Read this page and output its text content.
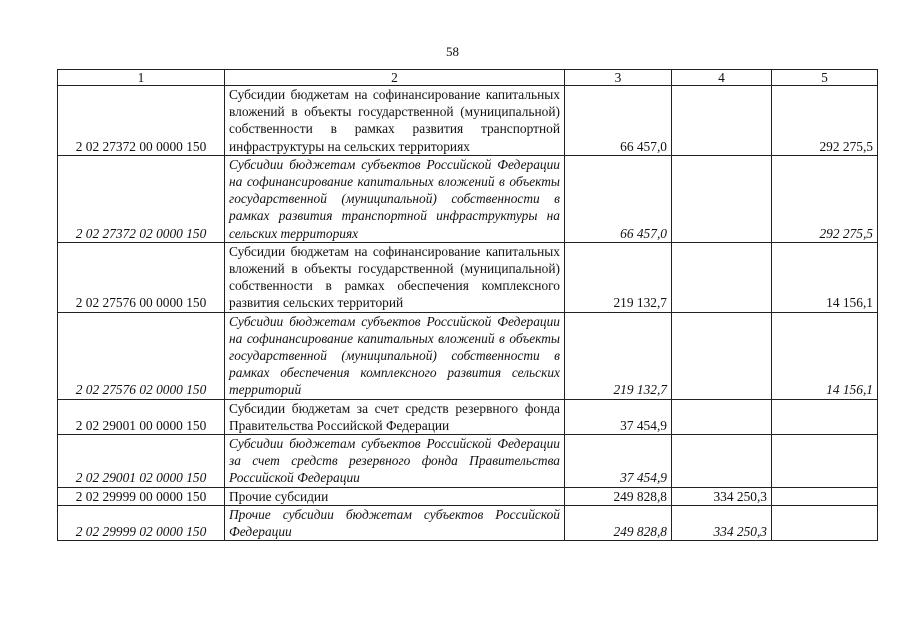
58
1	2	3	4	5
2 02 27372 00 0000 150	Субсидии бюджетам на софинансирование капитальных вложений в объекты государственной (муниципальной) собственности в рамках развития транспортной инфраструктуры на сельских территориях	66 457,0		292 275,5
2 02 27372 02 0000 150	Субсидии бюджетам субъектов Российской Федерации на софинансирование капитальных вложений в объекты государственной (муниципальной) собственности в рамках развития транспортной инфраструктуры на сельских территориях	66 457,0		292 275,5
2 02 27576 00 0000 150	Субсидии бюджетам на софинансирование капитальных вложений в объекты государственной (муниципальной) собственности в рамках обеспечения комплексного развития сельских территорий	219 132,7		14 156,1
2 02 27576 02 0000 150	Субсидии бюджетам субъектов Российской Федерации на софинансирование капитальных вложений в объекты государственной (муниципальной) собственности в рамках обеспечения комплексного развития сельских территорий	219 132,7		14 156,1
2 02 29001 00 0000 150	Субсидии бюджетам за счет средств резервного фонда Правительства Российской Федерации	37 454,9		
2 02 29001 02 0000 150	Субсидии бюджетам субъектов Российской Федерации за счет средств резервного фонда Правительства Российской Федерации	37 454,9		
2 02 29999 00 0000 150	Прочие субсидии	249 828,8	334 250,3	
2 02 29999 02 0000 150	Прочие субсидии бюджетам субъектов Российской Федерации	249 828,8	334 250,3	
